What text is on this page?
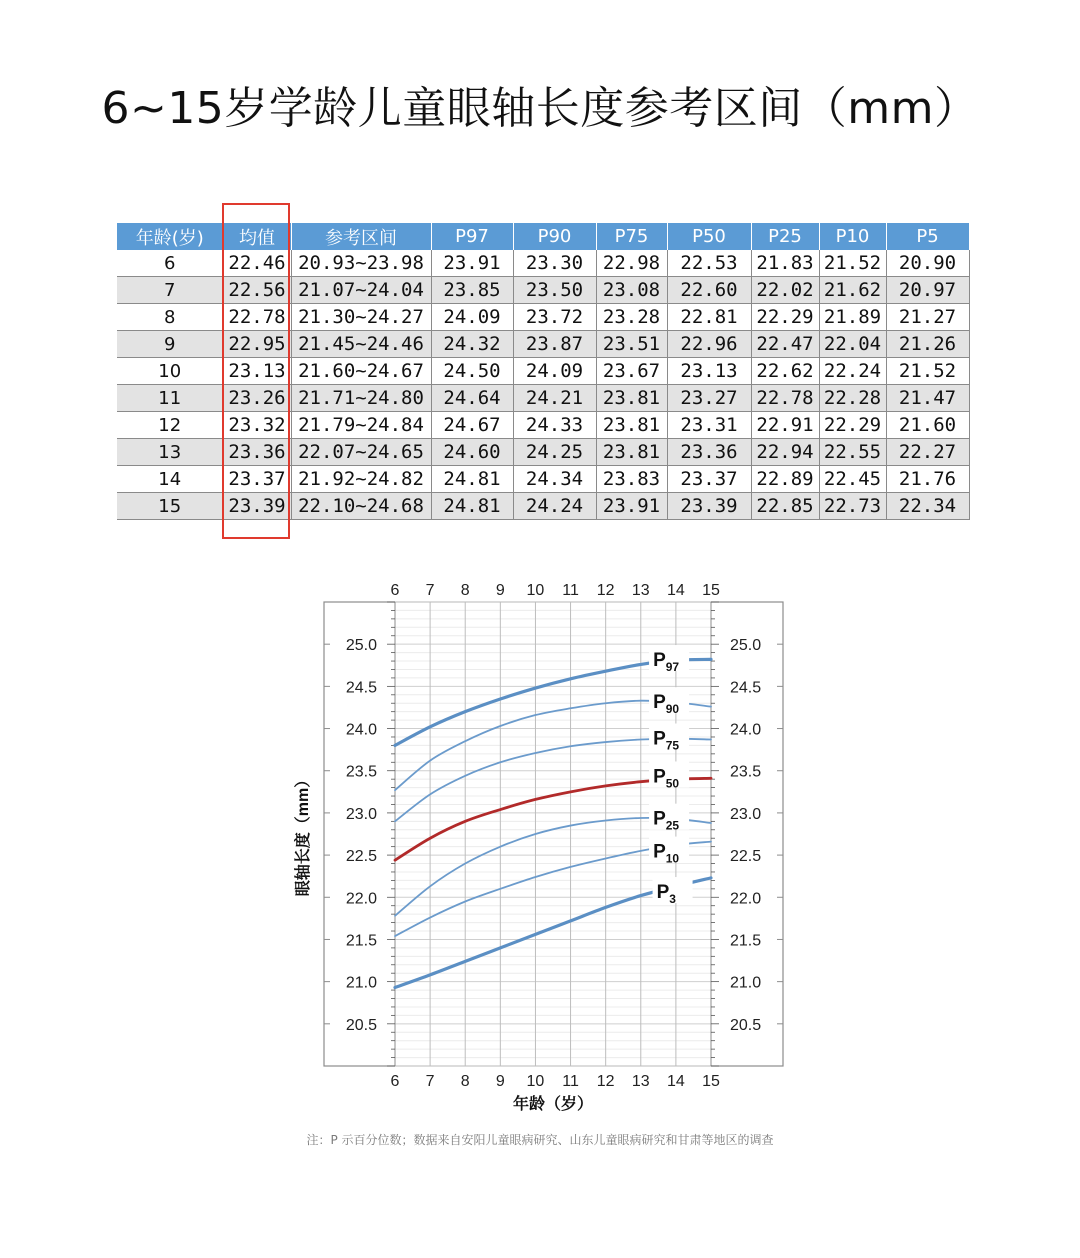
6~15岁学龄儿童眼轴长度参考区间（mm）
年龄(岁)	均值	参考区间	P97	P90	P75	P50	P25	P10	P5
6	22.46	20.93~23.98	23.91	23.30	22.98	22.53	21.83	21.52	20.90
7	22.56	21.07~24.04	23.85	23.50	23.08	22.60	22.02	21.62	20.97
8	22.78	21.30~24.27	24.09	23.72	23.28	22.81	22.29	21.89	21.27
9	22.95	21.45~24.46	24.32	23.87	23.51	22.96	22.47	22.04	21.26
10	23.13	21.60~24.67	24.50	24.09	23.67	23.13	22.62	22.24	21.52
11	23.26	21.71~24.80	24.64	24.21	23.81	23.27	22.78	22.28	21.47
12	23.32	21.79~24.84	24.67	24.33	23.81	23.31	22.91	22.29	21.60
13	23.36	22.07~24.65	24.60	24.25	23.81	23.36	22.94	22.55	22.27
14	23.37	21.92~24.82	24.81	24.34	23.83	23.37	22.89	22.45	21.76
15	23.39	22.10~24.68	24.81	24.24	23.91	23.39	22.85	22.73	22.34
20.5	20.5
21.0	21.0
21.5	21.5
22.0	22.0
22.5	22.5
23.0	23.0
23.5	23.5
24.0	24.0
24.5	24.5
25.0	25.0
6
6
7
7
8
8
9
9
10
10
11
11
12
12
13
13
14
14
15
15
年龄（岁）
眼轴长度（mm）
$P_{97}$
$P_{90}$
$P_{75}$
$P_{50}$
$P_{25}$
$P_{10}$
$P_3$
注：P 示百分位数；数据来自安阳儿童眼病研究、山东儿童眼病研究和甘肃等地区的调查
